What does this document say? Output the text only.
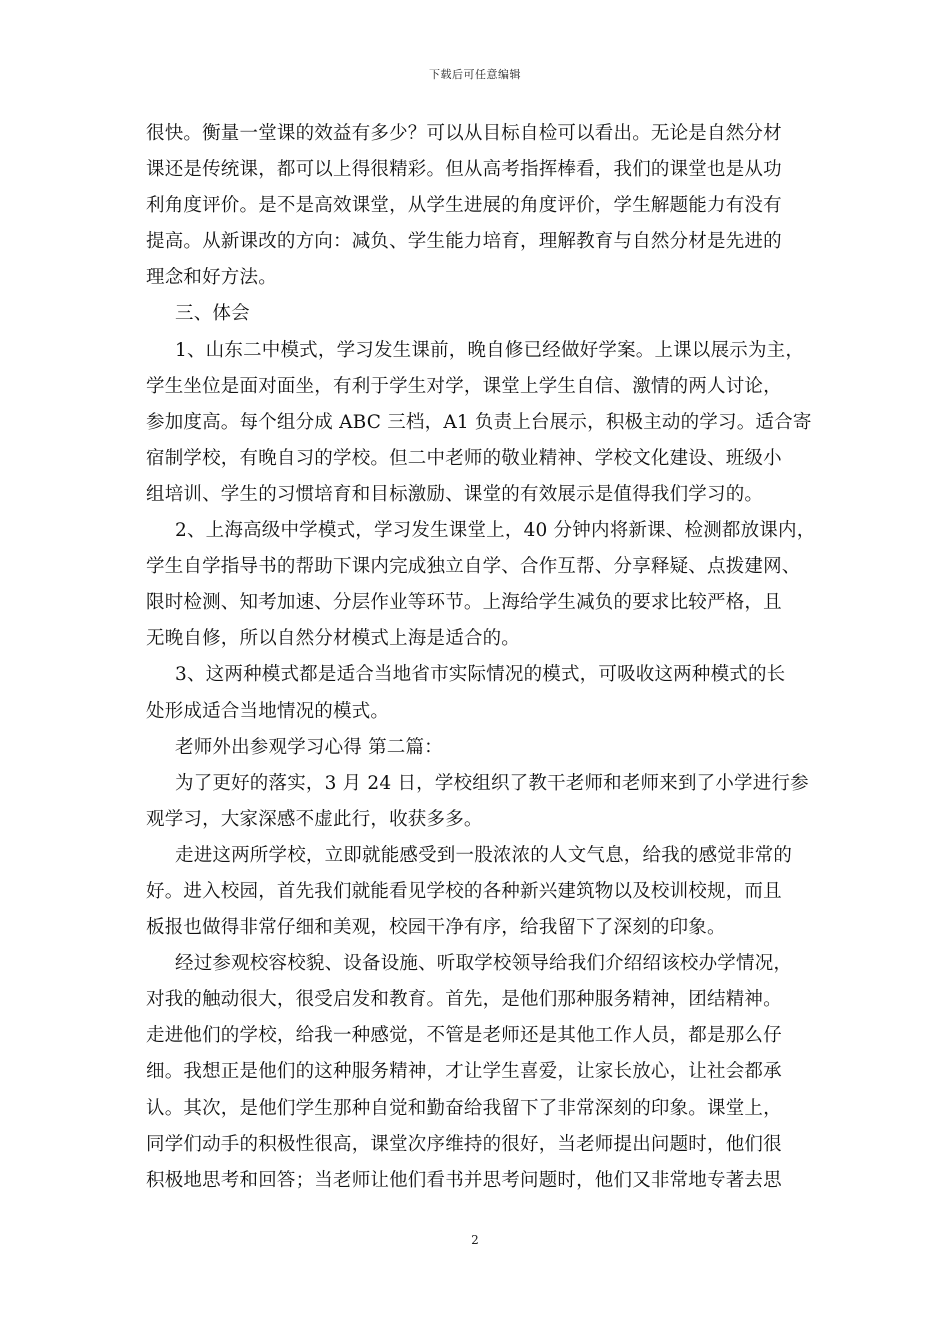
下载后可任意编辑
很快。衡量一堂课的效益有多少？可以从目标自检可以看出。无论是自然分材
课还是传统课，都可以上得很精彩。但从高考指挥棒看，我们的课堂也是从功
利角度评价。是不是高效课堂，从学生进展的角度评价，学生解题能力有没有
提高。从新课改的方向：减负、学生能力培育，理解教育与自然分材是先进的
理念和好方法。
三、体会
1、山东二中模式，学习发生课前，晚自修已经做好学案。上课以展示为主，
学生坐位是面对面坐，有利于学生对学，课堂上学生自信、激情的两人讨论，
参加度高。每个组分成 ABC 三档，A1 负责上台展示，积极主动的学习。适合寄
宿制学校，有晚自习的学校。但二中老师的敬业精神、学校文化建设、班级小
组培训、学生的习惯培育和目标激励、课堂的有效展示是值得我们学习的。
2、上海高级中学模式，学习发生课堂上，40 分钟内将新课、检测都放课内，
学生自学指导书的帮助下课内完成独立自学、合作互帮、分享释疑、点拨建网、
限时检测、知考加速、分层作业等环节。上海给学生减负的要求比较严格，且
无晚自修，所以自然分材模式上海是适合的。
3、这两种模式都是适合当地省市实际情况的模式，可吸收这两种模式的长
处形成适合当地情况的模式。
老师外出参观学习心得 第二篇：
为了更好的落实，3 月 24 日，学校组织了教干老师和老师来到了小学进行参
观学习，大家深感不虚此行，收获多多。
走进这两所学校，立即就能感受到一股浓浓的人文气息，给我的感觉非常的
好。进入校园，首先我们就能看见学校的各种新兴建筑物以及校训校规，而且
板报也做得非常仔细和美观，校园干净有序，给我留下了深刻的印象。
经过参观校容校貌、设备设施、听取学校领导给我们介绍绍该校办学情况，
对我的触动很大，很受启发和教育。首先，是他们那种服务精神，团结精神。
走进他们的学校，给我一种感觉，不管是老师还是其他工作人员，都是那么仔
细。我想正是他们的这种服务精神，才让学生喜爱，让家长放心，让社会都承
认。其次，是他们学生那种自觉和勤奋给我留下了非常深刻的印象。课堂上，
同学们动手的积极性很高，课堂次序维持的很好，当老师提出问题时，他们很
积极地思考和回答；当老师让他们看书并思考问题时，他们又非常地专著去思
2
